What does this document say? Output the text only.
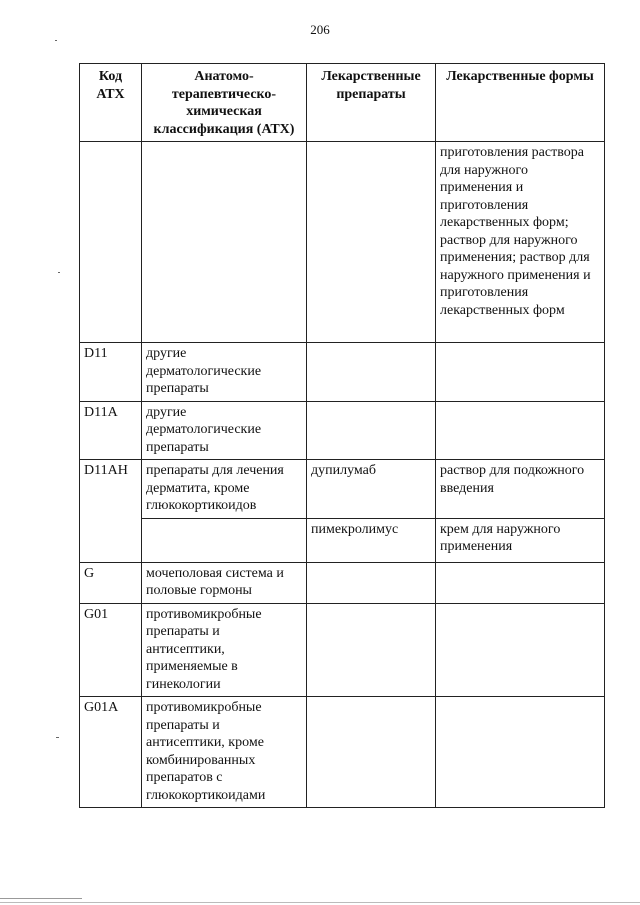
206
Код АТХ	Анатомо-терапевтическо-химическая классификация (АТХ)	Лекарственные препараты	Лекарственные формы
			приготовления раствора для наружного применения и приготовления лекарственных форм; раствор для наружного применения; раствор для наружного применения и приготовления лекарственных форм
D11	другие дерматологические препараты		
D11A	другие дерматологические препараты		
D11AH	препараты для лечения дерматита, кроме глюкокортикоидов	дупилумаб	раствор для подкожного введения
		пимекролимус	крем для наружного применения
G	мочеполовая система и половые гормоны		
G01	противомикробные препараты и антисептики, применяемые в гинекологии		
G01A	противомикробные препараты и антисептики, кроме комбинированных препаратов с глюкокортикоидами		
